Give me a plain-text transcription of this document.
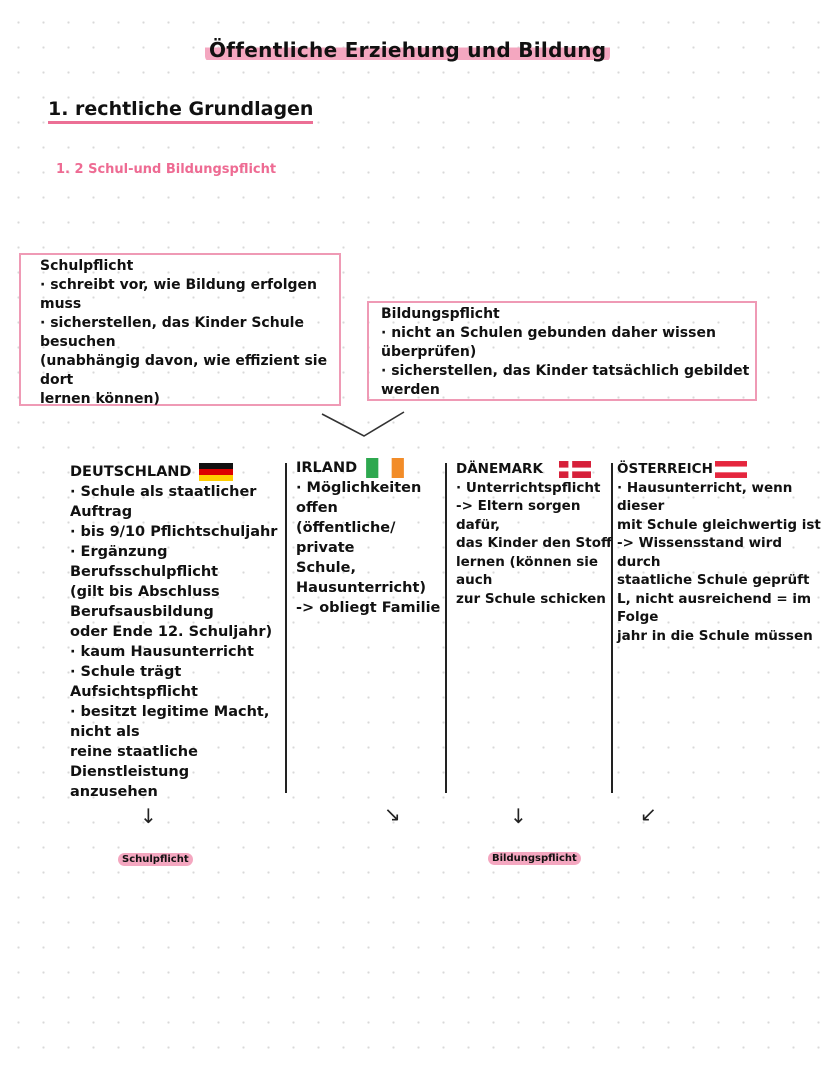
Öffentliche Erziehung und Bildung
1. rechtliche Grundlagen
1. 2 Schul-und Bildungspflicht
Schulpflicht
· schreibt vor, wie Bildung erfolgen
muss
· sicherstellen, das Kinder Schule
besuchen
(unabhängig davon, wie effizient sie
dort
lernen können)
Bildungspflicht
· nicht an Schulen gebunden daher wissen
überprüfen)
· sicherstellen, das Kinder tatsächlich gebildet
werden
DEUTSCHLAND
· Schule als staatlicher
Auftrag
· bis 9/10 Pflichtschuljahr
· Ergänzung
Berufsschulpflicht
(gilt bis Abschluss
Berufsausbildung
oder Ende 12. Schuljahr)
· kaum Hausunterricht
· Schule trägt
Aufsichtspflicht
· besitzt legitime Macht,
nicht als
reine staatliche
Dienstleistung
anzusehen
IRLAND
· Möglichkeiten
offen
(öffentliche/
private
Schule,
Hausunterricht)
-> obliegt Familie
DÄNEMARK
· Unterrichtspflicht
-> Eltern sorgen
dafür,
das Kinder den Stoff
lernen (können sie
auch
zur Schule schicken
ÖSTERREICH
· Hausunterricht, wenn
dieser
mit Schule gleichwertig ist
-> Wissensstand wird
durch
staatliche Schule geprüft
L, nicht ausreichend = im
Folge
jahr in die Schule müssen
↓	↘	↓	↙
Schulpflicht	Bildungspflicht
